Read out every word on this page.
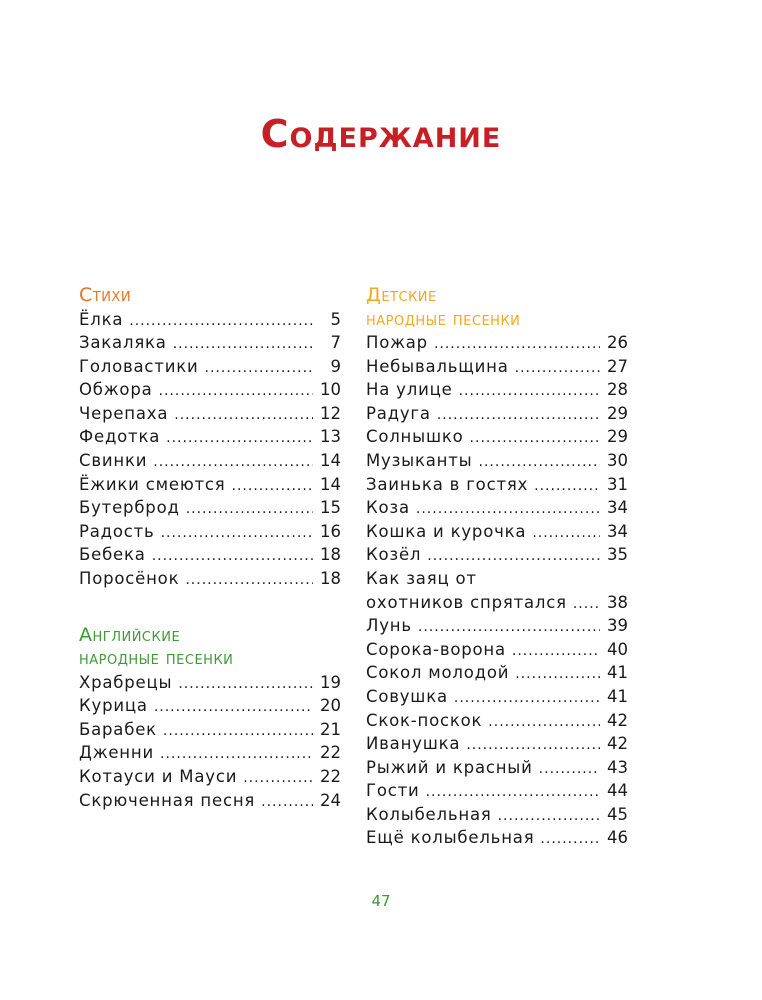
Содержание
Стихи
Ёлка .....	5
Закаляка .....	7
Головастики .....	9
Обжора .....	10
Черепаха .....	12
Федотка .....	13
Свинки .....	14
Ёжики смеются .....	14
Бутерброд .....	15
Радость .....	16
Бебека .....	18
Поросёнок .....	18
Английские
народные песенки
Храбрецы .....	19
Курица .....	20
Барабек .....	21
Дженни .....	22
Котауси и Мауси .....	22
Скрюченная песня .....	24
Детские
народные песенки
Пожар .....	26
Небывальщина .....	27
На улице .....	28
Радуга .....	29
Солнышко .....	29
Музыканты .....	30
Заинька в гостях .....	31
Коза .....	34
Кошка и курочка .....	34
Козёл .....	35
Как заяц от
охотников спрятался ..... 38
Лунь .....	39
Сорока-ворона .....	40
Сокол молодой .....	41
Совушка .....	41
Скок-поскок .....	42
Иванушка .....	42
Рыжий и красный .....	43
Гости .....	44
Колыбельная .....	45
Ещё колыбельная .....	46
47
